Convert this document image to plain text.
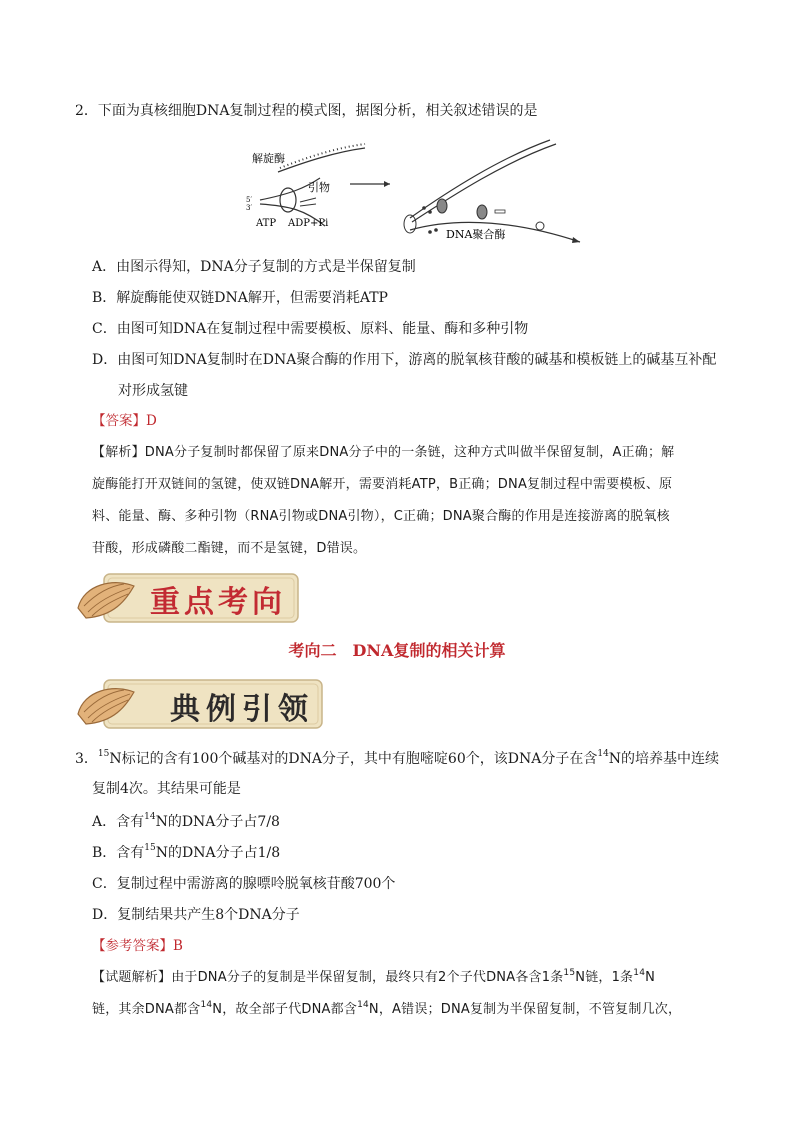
2．下面为真核细胞DNA复制过程的模式图，据图分析，相关叙述错误的是
解旋酶
引物
5′
3′
ATP ADP+Pi
DNA聚合酶
A．由图示得知，DNA分子复制的方式是半保留复制
B．解旋酶能使双链DNA解开，但需要消耗ATP
C．由图可知DNA在复制过程中需要模板、原料、能量、酶和多种引物
D．由图可知DNA复制时在DNA聚合酶的作用下，游离的脱氧核苷酸的碱基和模板链上的碱基互补配
对形成氢键
【答案】D
【解析】DNA分子复制时都保留了原来DNA分子中的一条链，这种方式叫做半保留复制，A正确；解
旋酶能打开双链间的氢键，使双链DNA解开，需要消耗ATP，B正确；DNA复制过程中需要模板、原
料、能量、酶、多种引物（RNA引物或DNA引物），C正确；DNA聚合酶的作用是连接游离的脱氧核
苷酸，形成磷酸二酯键，而不是氢键，D错误。
重点考向
考向二　DNA复制的相关计算
典例引领
3．$^{15}$N标记的含有100个碱基对的DNA分子，其中有胞嘧啶60个，该DNA分子在含$^{14}$N的培养基中连续
复制4次。其结果可能是
A．含有$^{14}$N的DNA分子占7/8
B．含有$^{15}$N的DNA分子占1/8
C．复制过程中需游离的腺嘌呤脱氧核苷酸700个
D．复制结果共产生8个DNA分子
【参考答案】B
【试题解析】由于DNA分子的复制是半保留复制，最终只有2个子代DNA各含1条$^{15}$N链，1条$^{14}$N
链，其余DNA都含$^{14}$N，故全部子代DNA都含$^{14}$N，A错误；DNA复制为半保留复制，不管复制几次，
